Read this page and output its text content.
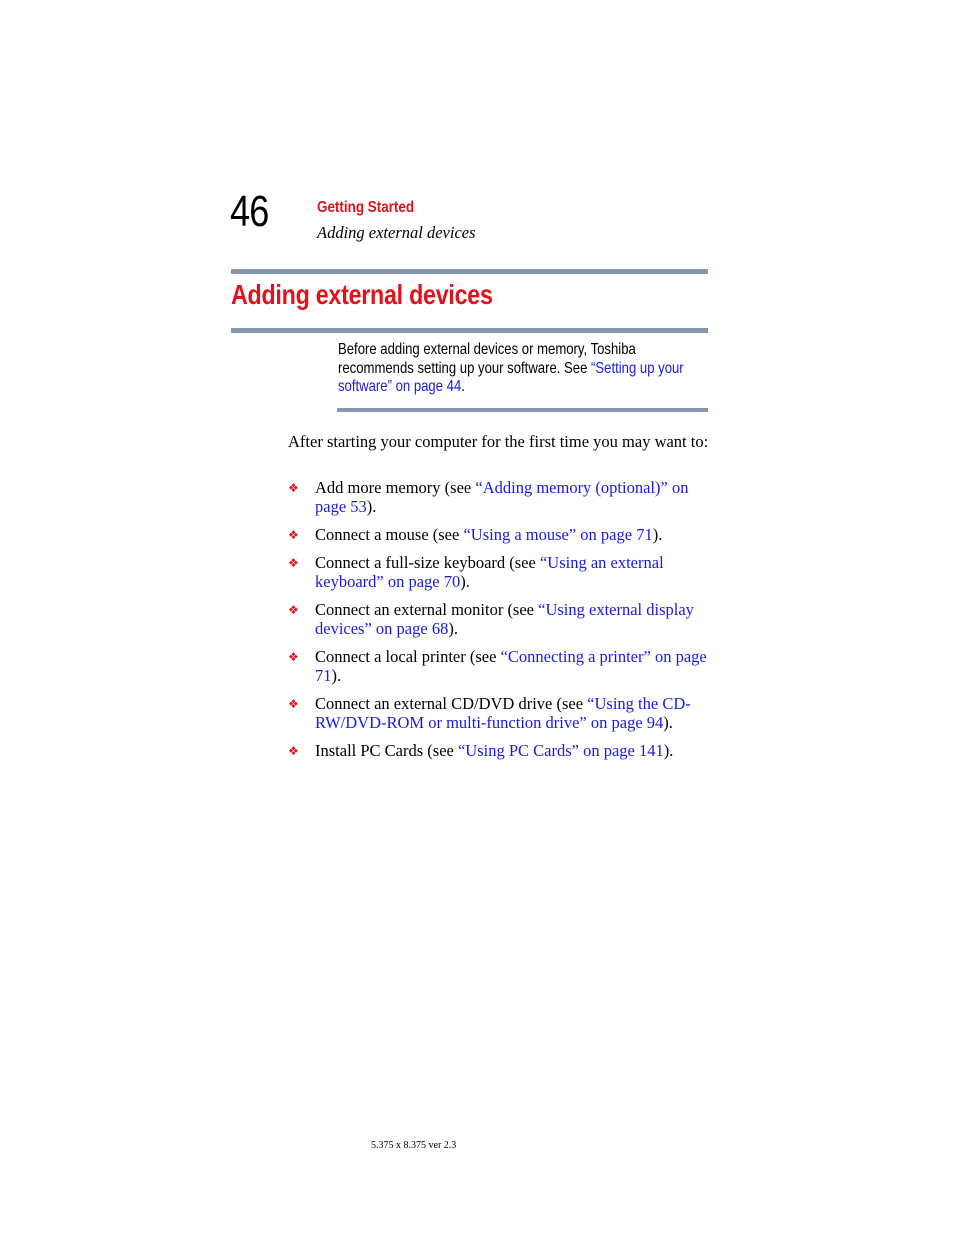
46	Getting Started
Adding external devices
Adding external devices
Before adding external devices or memory, Toshiba recommends setting up your software. See “Setting up your software” on page 44.

After starting your computer for the first time you may want to:

❖ Add more memory (see “Adding memory (optional)” on page 53).
❖ Connect a mouse (see “Using a mouse” on page 71).
❖ Connect a full-size keyboard (see “Using an external keyboard” on page 70).
❖ Connect an external monitor (see “Using external display devices” on page 68).
❖ Connect a local printer (see “Connecting a printer” on page 71).
❖ Connect an external CD/DVD drive (see “Using the CD-RW/DVD-ROM or multi-function drive” on page 94).
❖ Install PC Cards (see “Using PC Cards” on page 141).
5.375 x 8.375 ver 2.3
